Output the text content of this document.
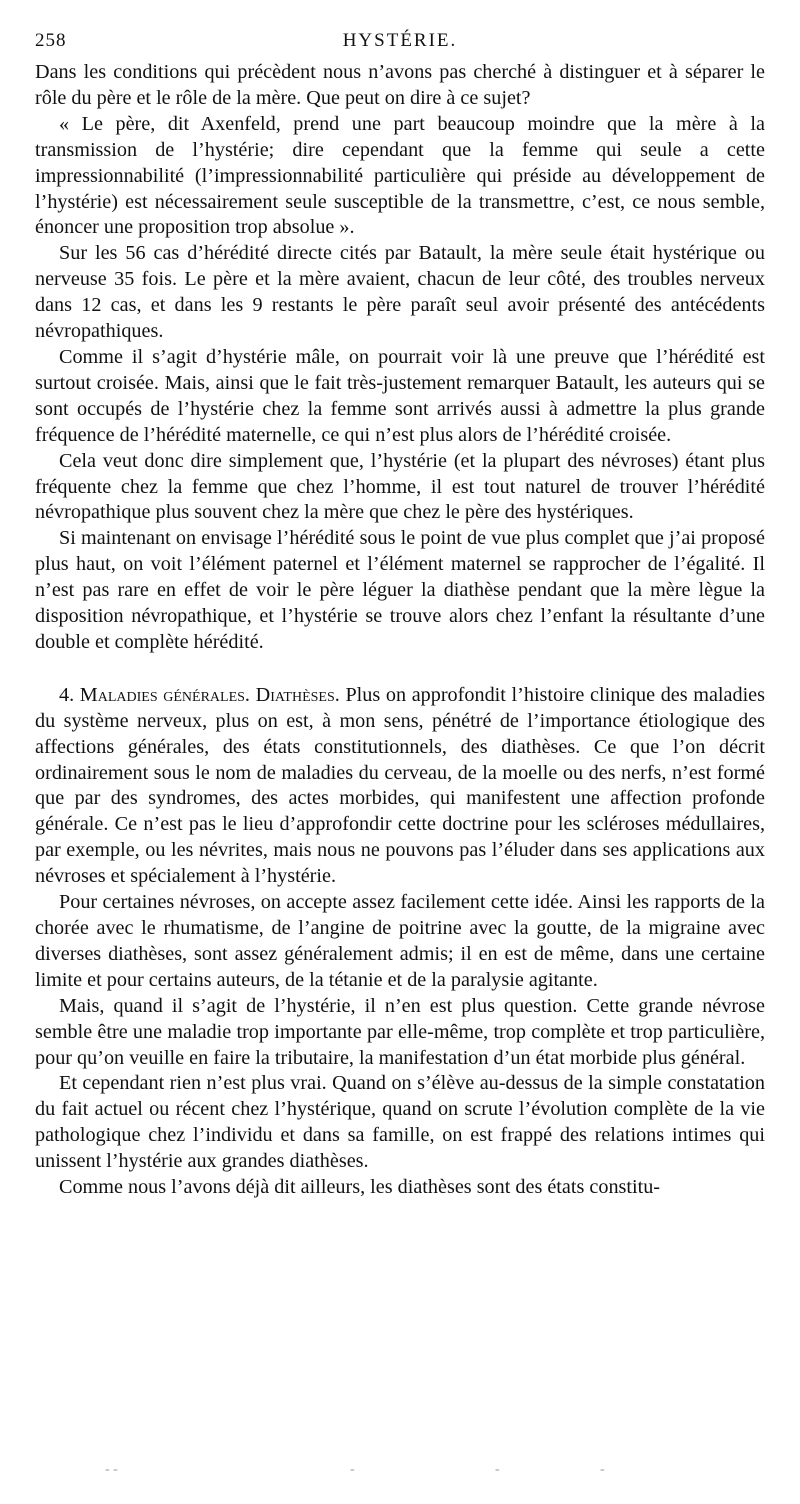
258	HYSTÉRIE.

Dans les conditions qui précèdent nous n’avons pas cherché à distinguer et à séparer le rôle du père et le rôle de la mère. Que peut on dire à ce sujet?

« Le père, dit Axenfeld, prend une part beaucoup moindre que la mère à la transmission de l’hystérie; dire cependant que la femme qui seule a cette impressionnabilité (l’impressionnabilité particulière qui préside au développement de l’hystérie) est nécessairement seule susceptible de la transmettre, c’est, ce nous semble, énoncer une proposition trop absolue ».

Sur les 56 cas d’hérédité directe cités par Batault, la mère seule était hystérique ou nerveuse 35 fois. Le père et la mère avaient, chacun de leur côté, des troubles nerveux dans 12 cas, et dans les 9 restants le père paraît seul avoir présenté des antécédents névropathiques.

Comme il s’agit d’hystérie mâle, on pourrait voir là une preuve que l’hérédité est surtout croisée. Mais, ainsi que le fait très-justement remarquer Batault, les auteurs qui se sont occupés de l’hystérie chez la femme sont arrivés aussi à admettre la plus grande fréquence de l’hérédité maternelle, ce qui n’est plus alors de l’hérédité croisée.

Cela veut donc dire simplement que, l’hystérie (et la plupart des névroses) étant plus fréquente chez la femme que chez l’homme, il est tout naturel de trouver l’hérédité névropathique plus souvent chez la mère que chez le père des hystériques.

Si maintenant on envisage l’hérédité sous le point de vue plus complet que j’ai proposé plus haut, on voit l’élément paternel et l’élément maternel se rapprocher de l’égalité. Il n’est pas rare en effet de voir le père léguer la diathèse pendant que la mère lègue la disposition névropathique, et l’hystérie se trouve alors chez l’enfant la résultante d’une double et complète hérédité.

4. Maladies générales. Diathèses. Plus on approfondit l’histoire clinique des maladies du système nerveux, plus on est, à mon sens, pénétré de l’importance étiologique des affections générales, des états constitutionnels, des diathèses. Ce que l’on décrit ordinairement sous le nom de maladies du cerveau, de la moelle ou des nerfs, n’est formé que par des syndromes, des actes morbides, qui manifestent une affection profonde générale. Ce n’est pas le lieu d’approfondir cette doctrine pour les scléroses médullaires, par exemple, ou les névrites, mais nous ne pouvons pas l’éluder dans ses applications aux névroses et spécialement à l’hystérie.

Pour certaines névroses, on accepte assez facilement cette idée. Ainsi les rapports de la chorée avec le rhumatisme, de l’angine de poitrine avec la goutte, de la migraine avec diverses diathèses, sont assez généralement admis; il en est de même, dans une certaine limite et pour certains auteurs, de la tétanie et de la paralysie agitante.

Mais, quand il s’agit de l’hystérie, il n’en est plus question. Cette grande névrose semble être une maladie trop importante par elle-même, trop complète et trop particulière, pour qu’on veuille en faire la tributaire, la manifestation d’un état morbide plus général.

Et cependant rien n’est plus vrai. Quand on s’élève au-dessus de la simple constatation du fait actuel ou récent chez l’hystérique, quand on scrute l’évolution complète de la vie pathologique chez l’individu et dans sa famille, on est frappé des relations intimes qui unissent l’hystérie aux grandes diathèses.

Comme nous l’avons déjà dit ailleurs, les diathèses sont des états constitu-

- -	-	-	-
